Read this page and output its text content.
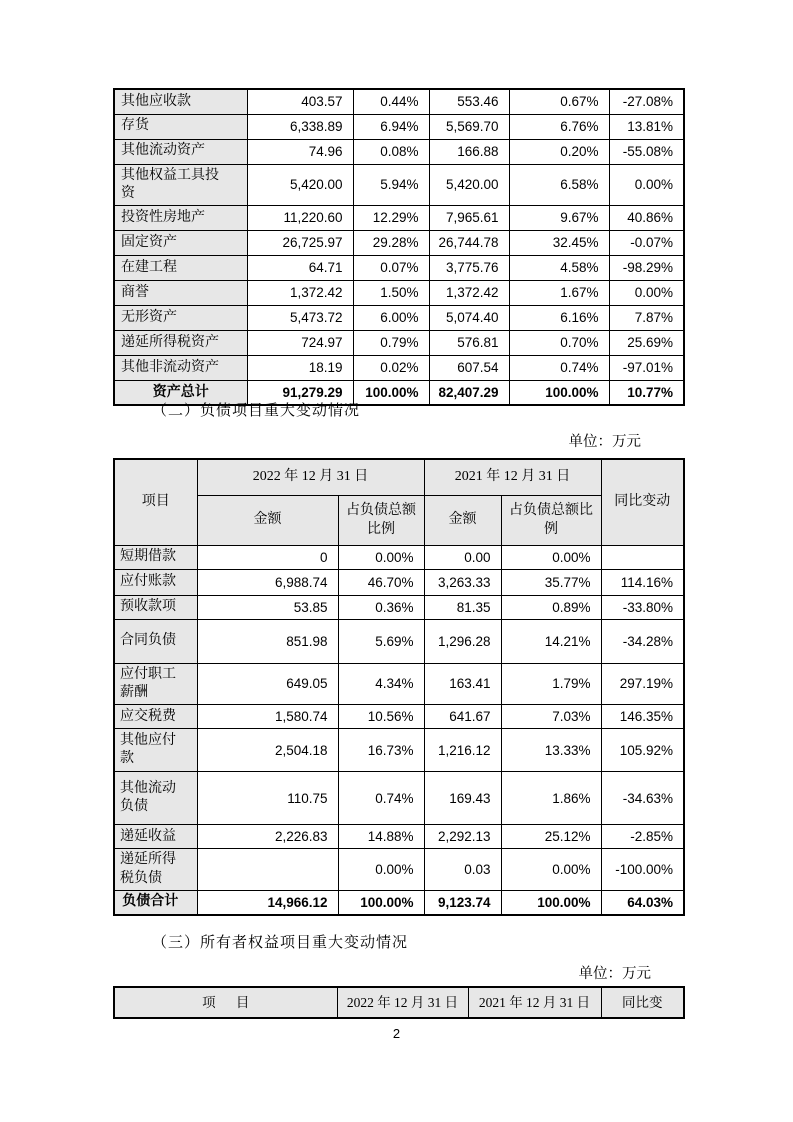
其他应收款	403.57	0.44%	553.46	0.67%	-27.08%
存货	6,338.89	6.94%	5,569.70	6.76%	13.81%
其他流动资产	74.96	0.08%	166.88	0.20%	-55.08%
其他权益工具投资	5,420.00	5.94%	5,420.00	6.58%	0.00%
投资性房地产	11,220.60	12.29%	7,965.61	9.67%	40.86%
固定资产	26,725.97	29.28%	26,744.78	32.45%	-0.07%
在建工程	64.71	0.07%	3,775.76	4.58%	-98.29%
商誉	1,372.42	1.50%	1,372.42	1.67%	0.00%
无形资产	5,473.72	6.00%	5,074.40	6.16%	7.87%
递延所得税资产	724.97	0.79%	576.81	0.70%	25.69%
其他非流动资产	18.19	0.02%	607.54	0.74%	-97.01%
资产总计	91,279.29	100.00%	82,407.29	100.00%	10.77%
（二）负债项目重大变动情况
单位：万元
项目	2022 年 12 月 31 日		2021 年 12 月 31 日		同比变动
	金额	占负债总额比例	金额	占负债总额比例	
短期借款	0	0.00%	0.00	0.00%	
应付账款	6,988.74	46.70%	3,263.33	35.77%	114.16%
预收款项	53.85	0.36%	81.35	0.89%	-33.80%
合同负债	851.98	5.69%	1,296.28	14.21%	-34.28%
应付职工薪酬	649.05	4.34%	163.41	1.79%	297.19%
应交税费	1,580.74	10.56%	641.67	7.03%	146.35%
其他应付款	2,504.18	16.73%	1,216.12	13.33%	105.92%
其他流动负债	110.75	0.74%	169.43	1.86%	-34.63%
递延收益	2,226.83	14.88%	2,292.13	25.12%	-2.85%
递延所得税负债		0.00%	0.03	0.00%	-100.00%
负债合计	14,966.12	100.00%	9,123.74	100.00%	64.03%
（三）所有者权益项目重大变动情况
单位：万元
项      目	2022 年 12 月 31 日	2021 年 12 月 31 日	同比变
2
